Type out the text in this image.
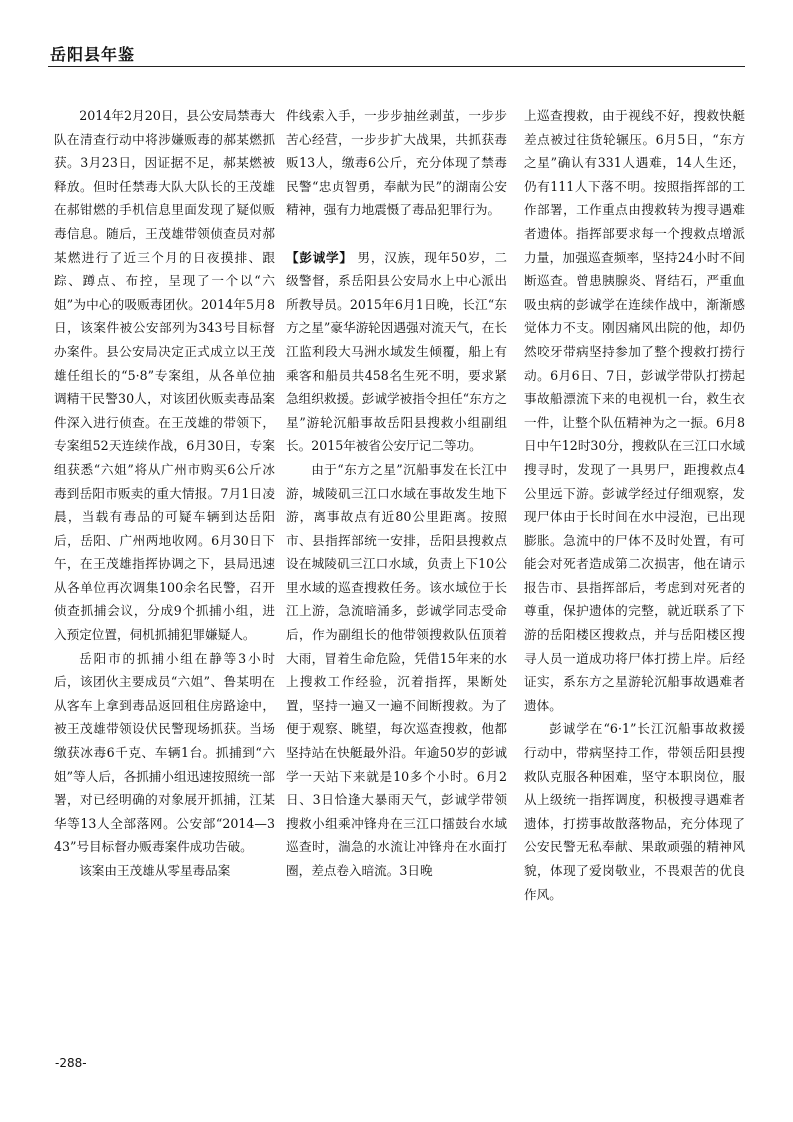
岳阳县年鉴

2014年2月20日，县公安局禁毒大队在清查行动中将涉嫌贩毒的郝某燃抓获。3月23日，因证据不足，郝某燃被释放。但时任禁毒大队大队长的王茂雄在郝钳燃的手机信息里面发现了疑似贩毒信息。随后，王茂雄带领侦查员对郝某燃进行了近三个月的日夜摸排、跟踪、蹲点、布控，呈现了一个以“六姐”为中心的吸贩毒团伙。2014年5月8日，该案件被公安部列为343号目标督办案件。县公安局决定正式成立以王茂雄任组长的“5·8”专案组，从各单位抽调精干民警30人，对该团伙贩卖毒品案件深入进行侦查。在王茂雄的带领下，专案组52天连续作战，6月30日，专案组获悉“六姐”将从广州市购买6公斤冰毒到岳阳市贩卖的重大情报。7月1日凌晨，当载有毒品的可疑车辆到达岳阳后，岳阳、广州两地收网。6月30日下午，在王茂雄指挥协调之下，县局迅速从各单位再次调集100余名民警，召开侦查抓捕会议，分成9个抓捕小组，进入预定位置，伺机抓捕犯罪嫌疑人。

岳阳市的抓捕小组在静等3小时后，该团伙主要成员“六姐”、鲁某明在从客车上拿到毒品返回租住房路途中，被王茂雄带领设伏民警现场抓获。当场缴获冰毒6千克、车辆1台。抓捕到“六姐”等人后，各抓捕小组迅速按照统一部署，对已经明确的对象展开抓捕，江某华等13人全部落网。公安部“2014—343”号目标督办贩毒案件成功告破。

该案由王茂雄从零星毒品案

件线索入手，一步步抽丝剥茧，一步步苦心经营，一步步扩大战果，共抓获毒贩13人，缴毒6公斤，充分体现了禁毒民警“忠贞智勇，奉献为民”的湖南公安精神，强有力地震慑了毒品犯罪行为。

【彭诚学】 男，汉族，现年50岁，二级警督，系岳阳县公安局水上中心派出所教导员。2015年6月1日晚，长江“东方之星”豪华游轮因遇强对流天气，在长江监利段大马洲水域发生倾覆，船上有乘客和船员共458名生死不明，要求紧急组织救援。彭诚学被指令担任“东方之星”游轮沉船事故岳阳县搜救小组副组长。2015年被省公安厅记二等功。

由于“东方之星”沉船事发在长江中游，城陵矶三江口水域在事故发生地下游，离事故点有近80公里距离。按照市、县指挥部统一安排，岳阳县搜救点设在城陵矶三江口水域，负责上下10公里水域的巡查搜救任务。该水域位于长江上游，急流暗涌多，彭诚学同志受命后，作为副组长的他带领搜救队伍顶着大雨，冒着生命危险，凭借15年来的水上搜救工作经验，沉着指挥，果断处置，坚持一遍又一遍不间断搜救。为了便于观察、眺望，每次巡查搜救，他都坚持站在快艇最外沿。年逾50岁的彭诚学一天站下来就是10多个小时。6月2日、3日恰逢大暴雨天气，彭诚学带领搜救小组乘冲锋舟在三江口擂鼓台水域巡查时，湍急的水流让冲锋舟在水面打圈，差点卷入暗流。3日晚

上巡查搜救，由于视线不好，搜救快艇差点被过往货轮辗压。6月5日，“东方之星”确认有331人遇难，14人生还，仍有111人下落不明。按照指挥部的工作部署，工作重点由搜救转为搜寻遇难者遗体。指挥部要求每一个搜救点增派力量，加强巡查频率，坚持24小时不间断巡查。曾患胰腺炎、肾结石，严重血吸虫病的彭诚学在连续作战中，渐渐感觉体力不支。刚因痛风出院的他，却仍然咬牙带病坚持参加了整个搜救打捞行动。6月6日、7日，彭诚学带队打捞起事故船漂流下来的电视机一台，救生衣一件，让整个队伍精神为之一振。6月8日中午12时30分，搜救队在三江口水域搜寻时，发现了一具男尸，距搜救点4公里远下游。彭诚学经过仔细观察，发现尸体由于长时间在水中浸泡，已出现膨胀。急流中的尸体不及时处置，有可能会对死者造成第二次损害，他在请示报告市、县指挥部后，考虑到对死者的尊重，保护遗体的完整，就近联系了下游的岳阳楼区搜救点，并与岳阳楼区搜寻人员一道成功将尸体打捞上岸。后经证实，系东方之星游轮沉船事故遇难者遗体。

彭诚学在“6·1”长江沉船事故救援行动中，带病坚持工作，带领岳阳县搜救队克服各种困难，坚守本职岗位，服从上级统一指挥调度，积极搜寻遇难者遗体，打捞事故散落物品，充分体现了公安民警无私奉献、果敢顽强的精神风貌，体现了爱岗敬业，不畏艰苦的优良作风。

-288-
